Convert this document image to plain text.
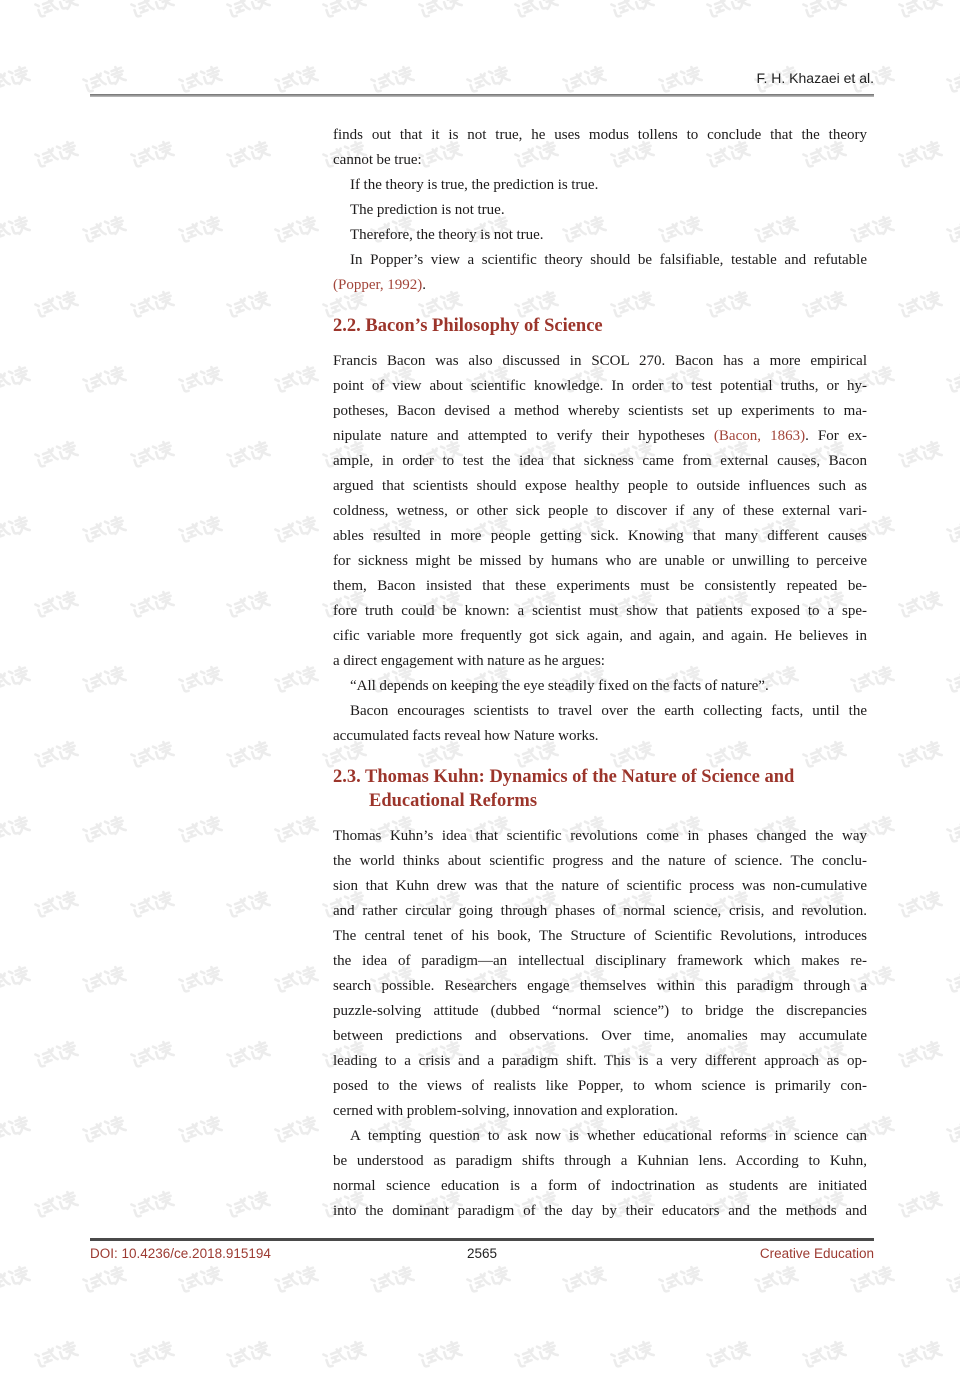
F. H. Khazaei et al.
finds out that it is not true, he uses modus tollens to conclude that the theory
cannot be true:
If the theory is true, the prediction is true.
The prediction is not true.
Therefore, the theory is not true.
In Popper’s view a scientific theory should be falsifiable, testable and refutable
(Popper, 1992).
2.2. Bacon’s Philosophy of Science
Francis Bacon was also discussed in SCOL 270. Bacon has a more empirical
point of view about scientific knowledge. In order to test potential truths, or hy-
potheses, Bacon devised a method whereby scientists set up experiments to ma-
nipulate nature and attempted to verify their hypotheses (Bacon, 1863). For ex-
ample, in order to test the idea that sickness came from external causes, Bacon
argued that scientists should expose healthy people to outside influences such as
coldness, wetness, or other sick people to discover if any of these external vari-
ables resulted in more people getting sick. Knowing that many different causes
for sickness might be missed by humans who are unable or unwilling to perceive
them, Bacon insisted that these experiments must be consistently repeated be-
fore truth could be known: a scientist must show that patients exposed to a spe-
cific variable more frequently got sick again, and again, and again. He believes in
a direct engagement with nature as he argues:
“All depends on keeping the eye steadily fixed on the facts of nature”.
Bacon encourages scientists to travel over the earth collecting facts, until the
accumulated facts reveal how Nature works.
2.3. Thomas Kuhn: Dynamics of the Nature of Science and
Educational Reforms
Thomas Kuhn’s idea that scientific revolutions come in phases changed the way
the world thinks about scientific progress and the nature of science. The conclu-
sion that Kuhn drew was that the nature of scientific process was non-cumulative
and rather circular going through phases of normal science, crisis, and revolution.
The central tenet of his book, The Structure of Scientific Revolutions, introduces
the idea of paradigm—an intellectual disciplinary framework which makes re-
search possible. Researchers engage themselves within this paradigm through a
puzzle-solving attitude (dubbed “normal science”) to bridge the discrepancies
between predictions and observations. Over time, anomalies may accumulate
leading to a crisis and a paradigm shift. This is a very different approach as op-
posed to the views of realists like Popper, to whom science is primarily con-
cerned with problem-solving, innovation and exploration.
A tempting question to ask now is whether educational reforms in science can
be understood as paradigm shifts through a Kuhnian lens. According to Kuhn,
normal science education is a form of indoctrination as students are initiated
into the dominant paradigm of the day by their educators and the methods and
DOI: 10.4236/ce.2018.915194	2565	Creative Education
